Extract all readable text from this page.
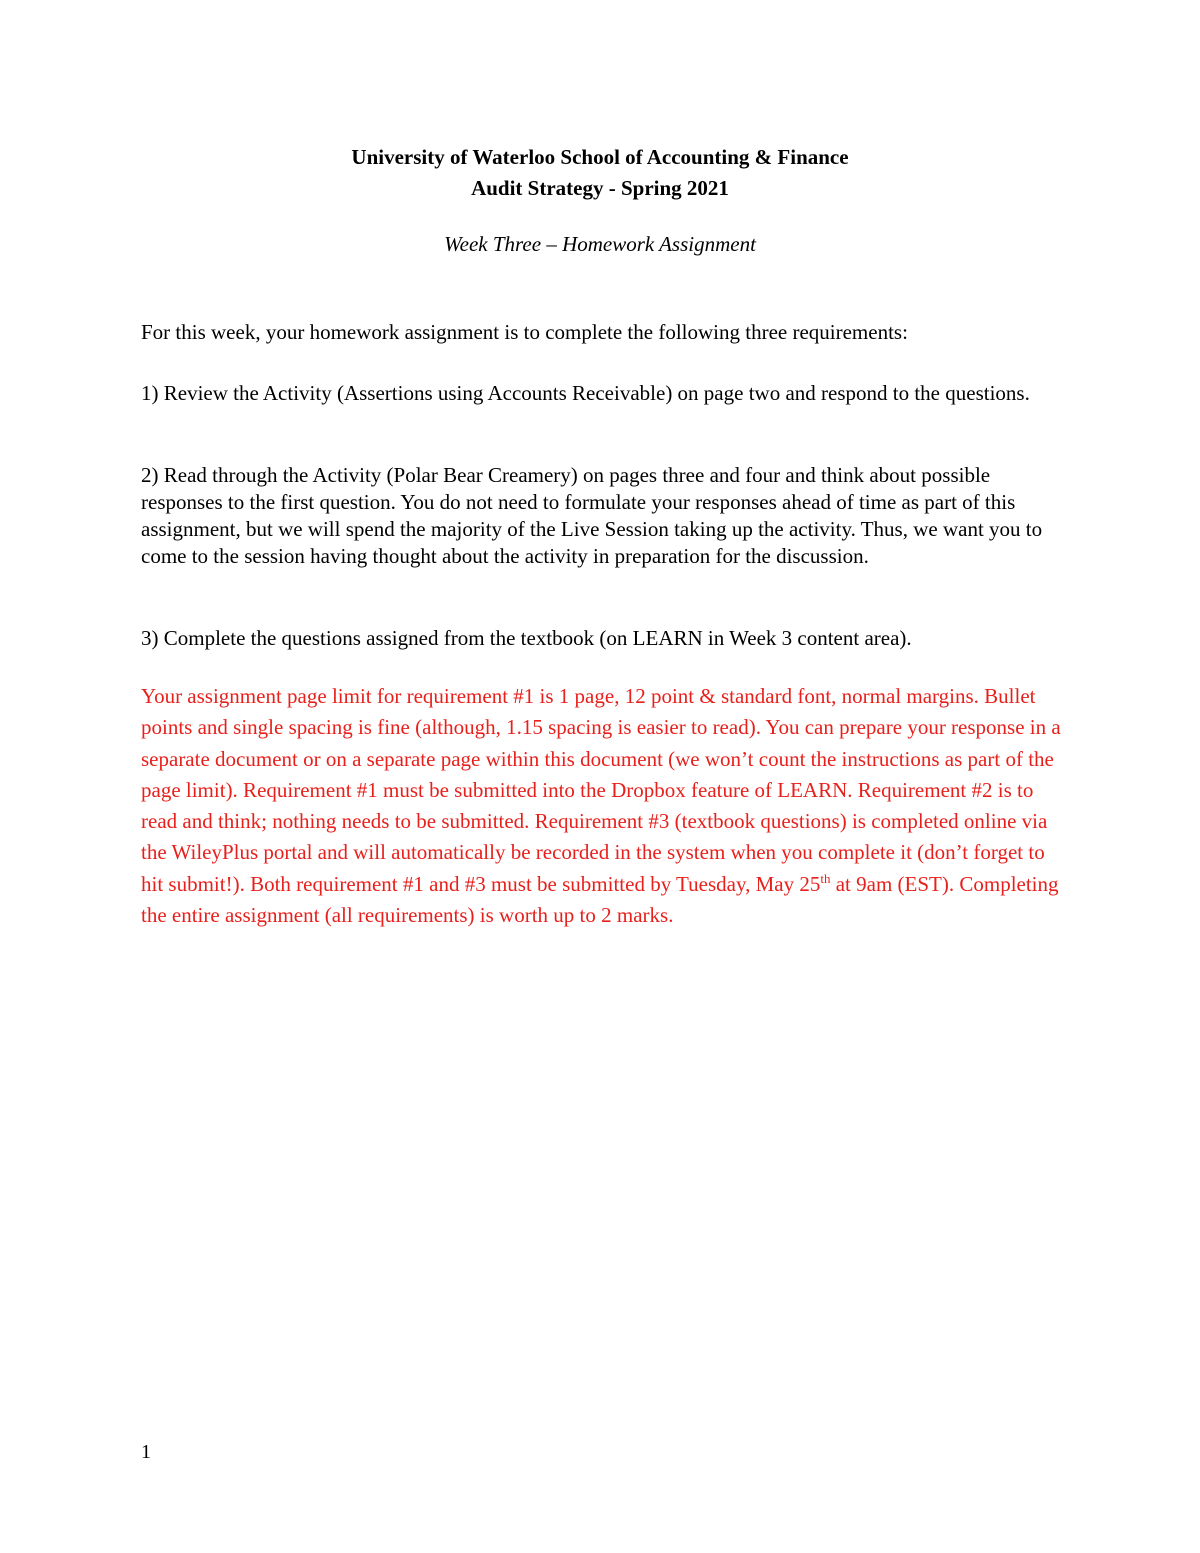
University of Waterloo School of Accounting & Finance
Audit Strategy - Spring 2021
Week Three – Homework Assignment

For this week, your homework assignment is to complete the following three requirements:

1) Review the Activity (Assertions using Accounts Receivable) on page two and respond to the questions.

2) Read through the Activity (Polar Bear Creamery) on pages three and four and think about possible responses to the first question. You do not need to formulate your responses ahead of time as part of this assignment, but we will spend the majority of the Live Session taking up the activity. Thus, we want you to come to the session having thought about the activity in preparation for the discussion.

3) Complete the questions assigned from the textbook (on LEARN in Week 3 content area).

Your assignment page limit for requirement #1 is 1 page, 12 point & standard font, normal margins. Bullet points and single spacing is fine (although, 1.15 spacing is easier to read). You can prepare your response in a separate document or on a separate page within this document (we won’t count the instructions as part of the page limit). Requirement #1 must be submitted into the Dropbox feature of LEARN. Requirement #2 is to read and think; nothing needs to be submitted. Requirement #3 (textbook questions) is completed online via the WileyPlus portal and will automatically be recorded in the system when you complete it (don’t forget to hit submit!). Both requirement #1 and #3 must be submitted by Tuesday, May 25th at 9am (EST). Completing the entire assignment (all requirements) is worth up to 2 marks.

1
